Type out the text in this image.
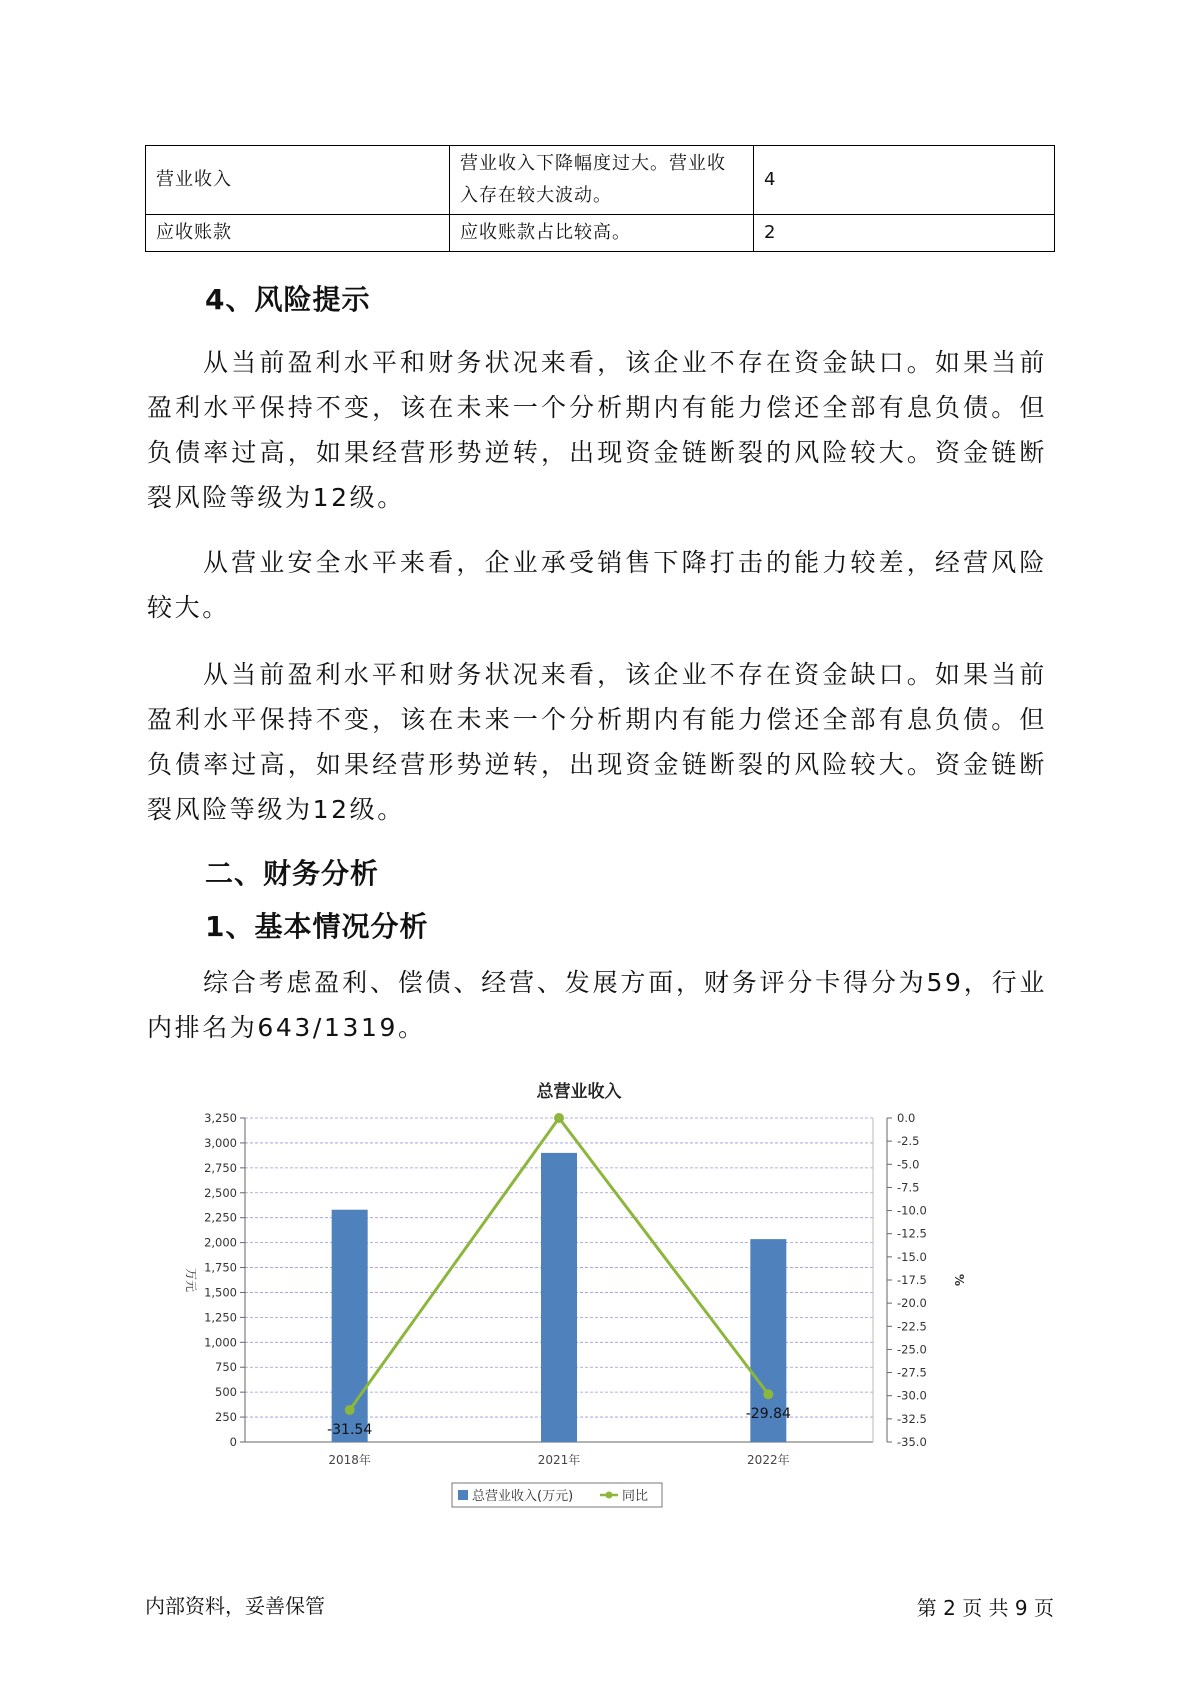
营业收入	营业收入下降幅度过大。营业收入存在较大波动。	4
应收账款	应收账款占比较高。	2
4、风险提示
从当前盈利水平和财务状况来看，该企业不存在资金缺口。如果当前盈利水平保持不变，该在未来一个分析期内有能力偿还全部有息负债。但负债率过高，如果经营形势逆转，出现资金链断裂的风险较大。资金链断裂风险等级为12级。
从营业安全水平来看，企业承受销售下降打击的能力较差，经营风险较大。
从当前盈利水平和财务状况来看，该企业不存在资金缺口。如果当前盈利水平保持不变，该在未来一个分析期内有能力偿还全部有息负债。但负债率过高，如果经营形势逆转，出现资金链断裂的风险较大。资金链断裂风险等级为12级。
二、财务分析
1、基本情况分析
综合考虑盈利、偿债、经营、发展方面，财务评分卡得分为59，行业内排名为643/1319。
总营业收入
0
250
500
750
1,000
1,250
1,500
1,750
2,000
2,250
2,500
2,750
3,000
3,250	0.0
-2.5
-5.0
-7.5
-10.0
-12.5
-15.0
-17.5
-20.0
-22.5
-25.0
-27.5
-30.0
-32.5
-35.0
万元	%
2018年	2021年	2022年
-31.54
-29.84
总营业收入(万元)	同比
内部资料，妥善保管	第 2 页 共 9 页
